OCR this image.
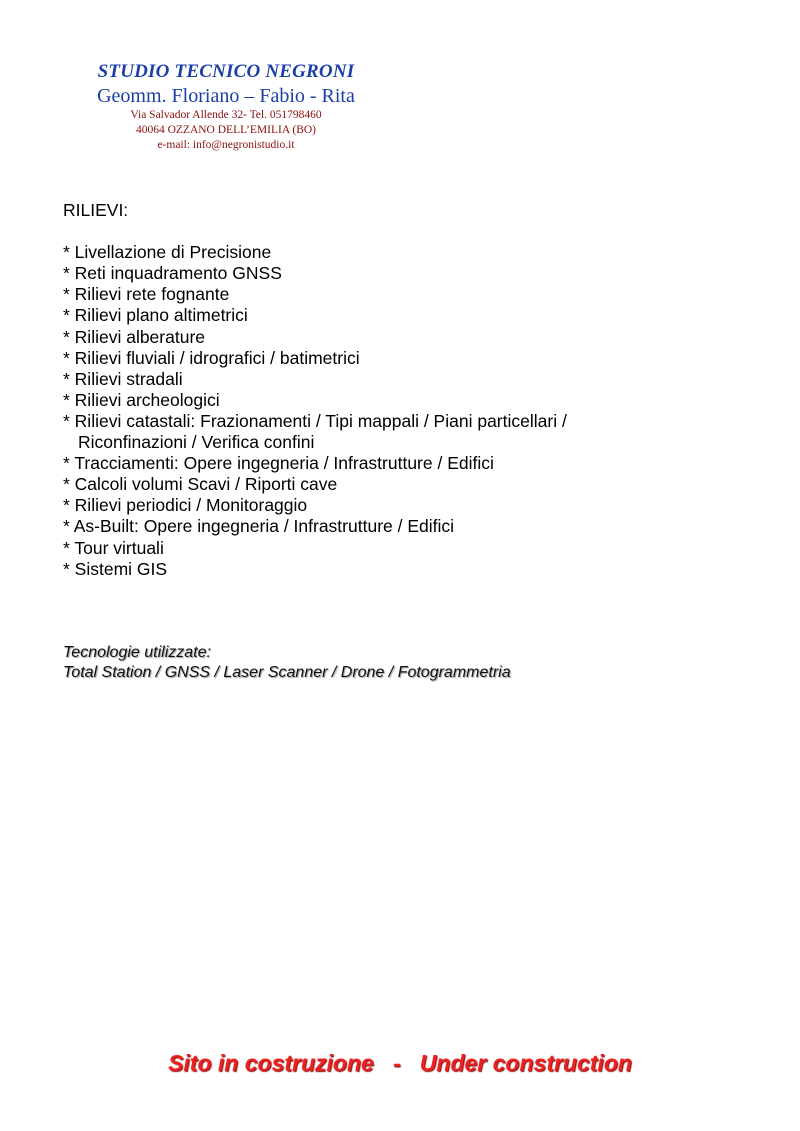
STUDIO TECNICO NEGRONI
Geomm. Floriano – Fabio - Rita
Via Salvador Allende 32- Tel. 051798460
40064 OZZANO DELL’EMILIA (BO)
e-mail: info@negronistudio.it
RILIEVI:
* Livellazione di Precisione
* Reti inquadramento GNSS
* Rilievi rete fognante
* Rilievi plano altimetrici
* Rilievi alberature
* Rilievi fluviali / idrografici / batimetrici
* Rilievi stradali
* Rilievi archeologici
* Rilievi catastali: Frazionamenti / Tipi mappali / Piani particellari /
Riconfinazioni / Verifica confini
* Tracciamenti: Opere ingegneria / Infrastrutture / Edifici
* Calcoli volumi Scavi / Riporti cave
* Rilievi periodici / Monitoraggio
* As-Built: Opere ingegneria / Infrastrutture / Edifici
* Tour virtuali
* Sistemi GIS
Tecnologie utilizzate:
Total Station / GNSS / Laser Scanner / Drone / Fotogrammetria
Sito in costruzione   -   Under construction
